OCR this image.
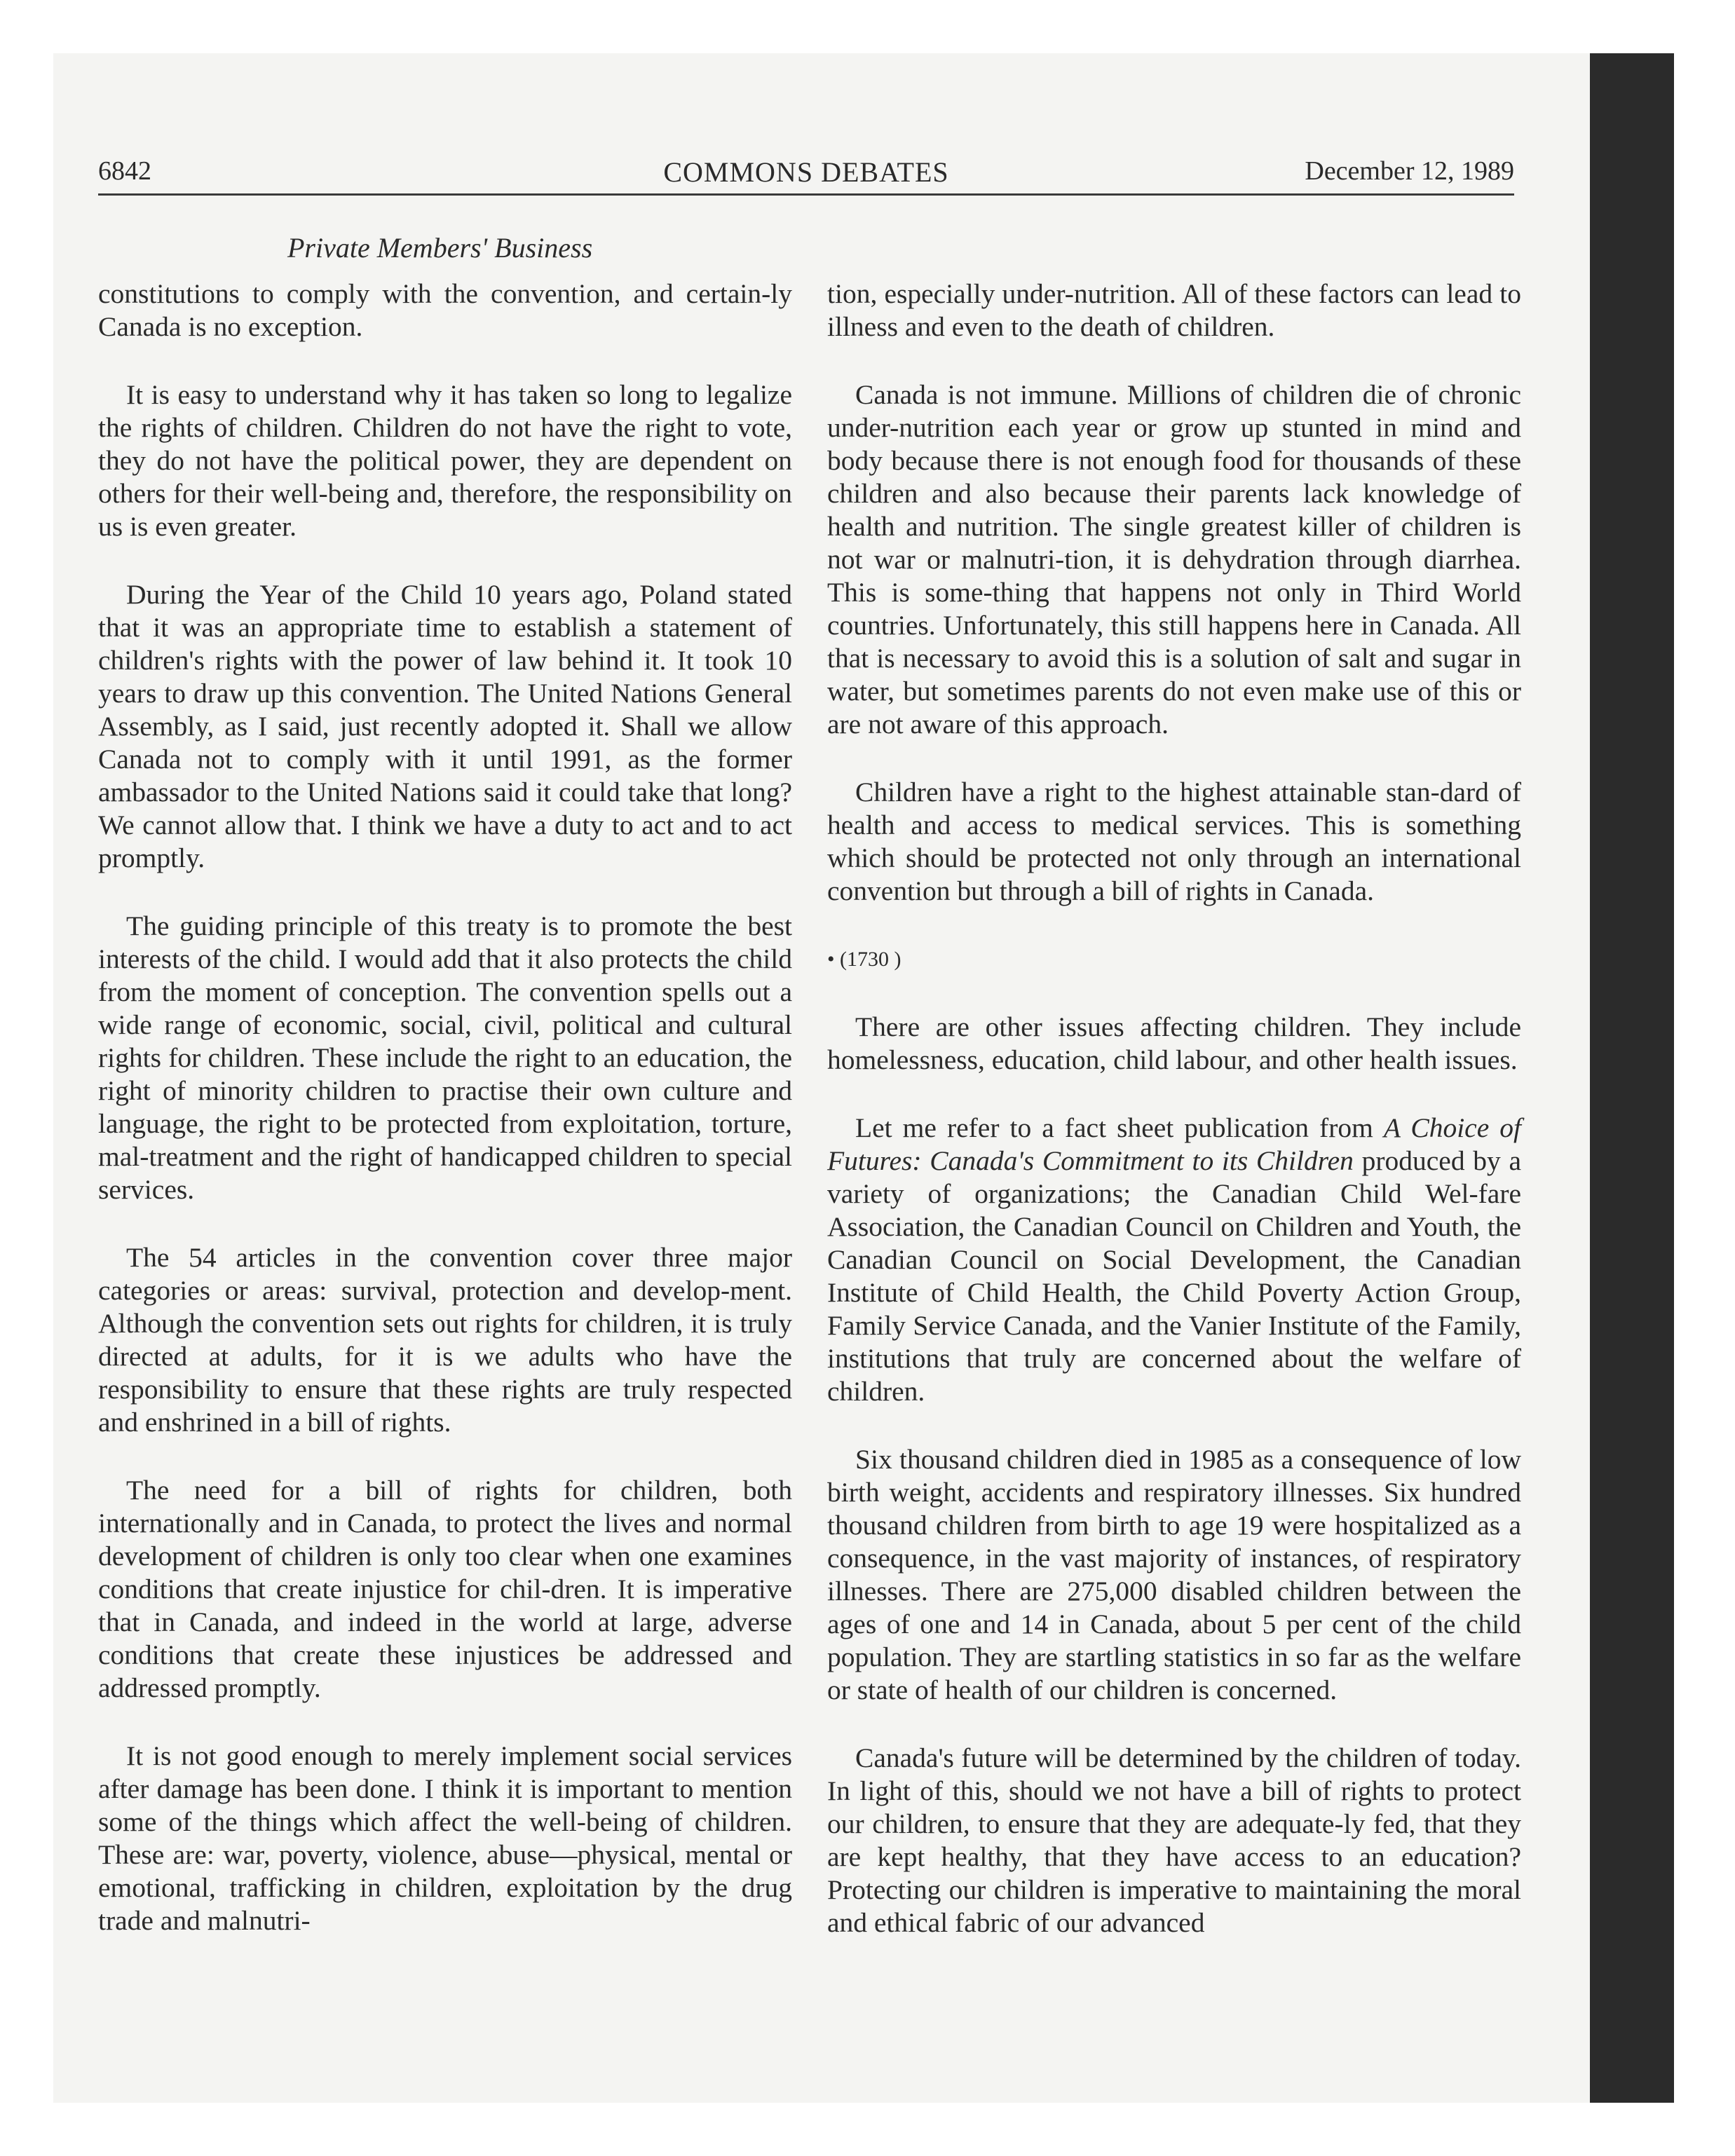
6842	COMMONS DEBATES	December 12, 1989
Private Members' Business

constitutions to comply with the convention, and certain-ly Canada is no exception.

It is easy to understand why it has taken so long to legalize the rights of children. Children do not have the right to vote, they do not have the political power, they are dependent on others for their well-being and, therefore, the responsibility on us is even greater.

During the Year of the Child 10 years ago, Poland stated that it was an appropriate time to establish a statement of children's rights with the power of law behind it. It took 10 years to draw up this convention. The United Nations General Assembly, as I said, just recently adopted it. Shall we allow Canada not to comply with it until 1991, as the former ambassador to the United Nations said it could take that long? We cannot allow that. I think we have a duty to act and to act promptly.

The guiding principle of this treaty is to promote the best interests of the child. I would add that it also protects the child from the moment of conception. The convention spells out a wide range of economic, social, civil, political and cultural rights for children. These include the right to an education, the right of minority children to practise their own culture and language, the right to be protected from exploitation, torture, mal-treatment and the right of handicapped children to special services.

The 54 articles in the convention cover three major categories or areas: survival, protection and develop-ment. Although the convention sets out rights for children, it is truly directed at adults, for it is we adults who have the responsibility to ensure that these rights are truly respected and enshrined in a bill of rights.

The need for a bill of rights for children, both internationally and in Canada, to protect the lives and normal development of children is only too clear when one examines conditions that create injustice for chil-dren. It is imperative that in Canada, and indeed in the world at large, adverse conditions that create these injustices be addressed and addressed promptly.

It is not good enough to merely implement social services after damage has been done. I think it is important to mention some of the things which affect the well-being of children. These are: war, poverty, violence, abuse—physical, mental or emotional, trafficking in children, exploitation by the drug trade and malnutri-

tion, especially under-nutrition. All of these factors can lead to illness and even to the death of children.

Canada is not immune. Millions of children die of chronic under-nutrition each year or grow up stunted in mind and body because there is not enough food for thousands of these children and also because their parents lack knowledge of health and nutrition. The single greatest killer of children is not war or malnutri-tion, it is dehydration through diarrhea. This is some-thing that happens not only in Third World countries. Unfortunately, this still happens here in Canada. All that is necessary to avoid this is a solution of salt and sugar in water, but sometimes parents do not even make use of this or are not aware of this approach.

Children have a right to the highest attainable stan-dard of health and access to medical services. This is something which should be protected not only through an international convention but through a bill of rights in Canada.

• (1730 )

There are other issues affecting children. They include homelessness, education, child labour, and other health issues.

Let me refer to a fact sheet publication from A Choice of Futures: Canada's Commitment to its Children produced by a variety of organizations; the Canadian Child Wel-fare Association, the Canadian Council on Children and Youth, the Canadian Council on Social Development, the Canadian Institute of Child Health, the Child Poverty Action Group, Family Service Canada, and the Vanier Institute of the Family, institutions that truly are concerned about the welfare of children.

Six thousand children died in 1985 as a consequence of low birth weight, accidents and respiratory illnesses. Six hundred thousand children from birth to age 19 were hospitalized as a consequence, in the vast majority of instances, of respiratory illnesses. There are 275,000 disabled children between the ages of one and 14 in Canada, about 5 per cent of the child population. They are startling statistics in so far as the welfare or state of health of our children is concerned.

Canada's future will be determined by the children of today. In light of this, should we not have a bill of rights to protect our children, to ensure that they are adequate-ly fed, that they are kept healthy, that they have access to an education? Protecting our children is imperative to maintaining the moral and ethical fabric of our advanced
